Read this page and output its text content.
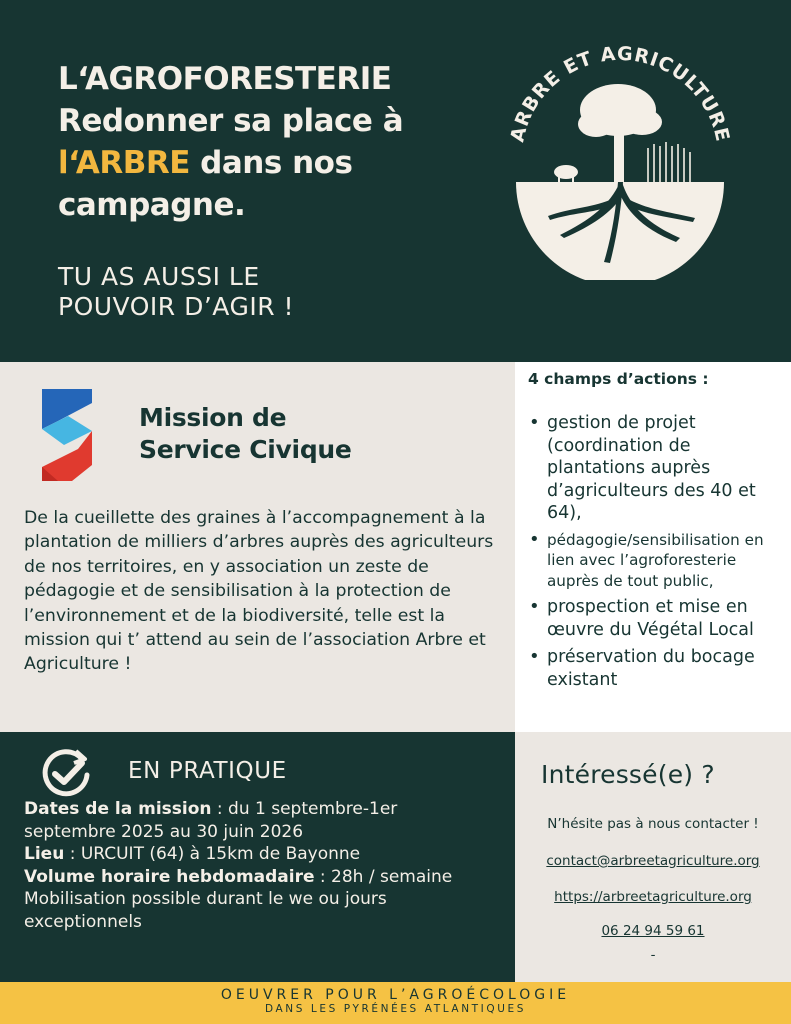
L‘AGROFORESTERIE
Redonner sa place à
l‘ARBRE dans nos
campagne.
TU AS AUSSI LE
POUVOIR D’AGIR !
ARBRE ET AGRICULTURE
Mission de
Service Civique
De la cueillette des graines à l’accompagnement à la plantation de milliers d’arbres auprès des agriculteurs de nos territoires, en y association un zeste de pédagogie et de sensibilisation à la protection de l’environnement et de la biodiversité, telle est la mission qui t’ attend au sein de l’association Arbre et Agriculture !
4 champs d’actions :
• gestion de projet (coordination de plantations auprès d’agriculteurs des 40 et 64),
• pédagogie/sensibilisation en lien avec l’agroforesterie auprès de tout public,
• prospection et mise en œuvre du Végétal Local
• préservation du bocage existant
EN PRATIQUE
Dates de la mission : du 1 septembre-1er septembre 2025 au 30 juin 2026
Lieu : URCUIT (64) à 15km de Bayonne
Volume horaire hebdomadaire : 28h / semaine
Mobilisation possible durant le we ou jours exceptionnels
Intéressé(e) ?
N’hésite pas à nous contacter !
contact@arbreetagriculture.org
https://arbreetagriculture.org
06 24 94 59 61
-
OEUVRER POUR L’AGROÉCOLOGIE
DANS LES PYRÉNÉES ATLANTIQUES
